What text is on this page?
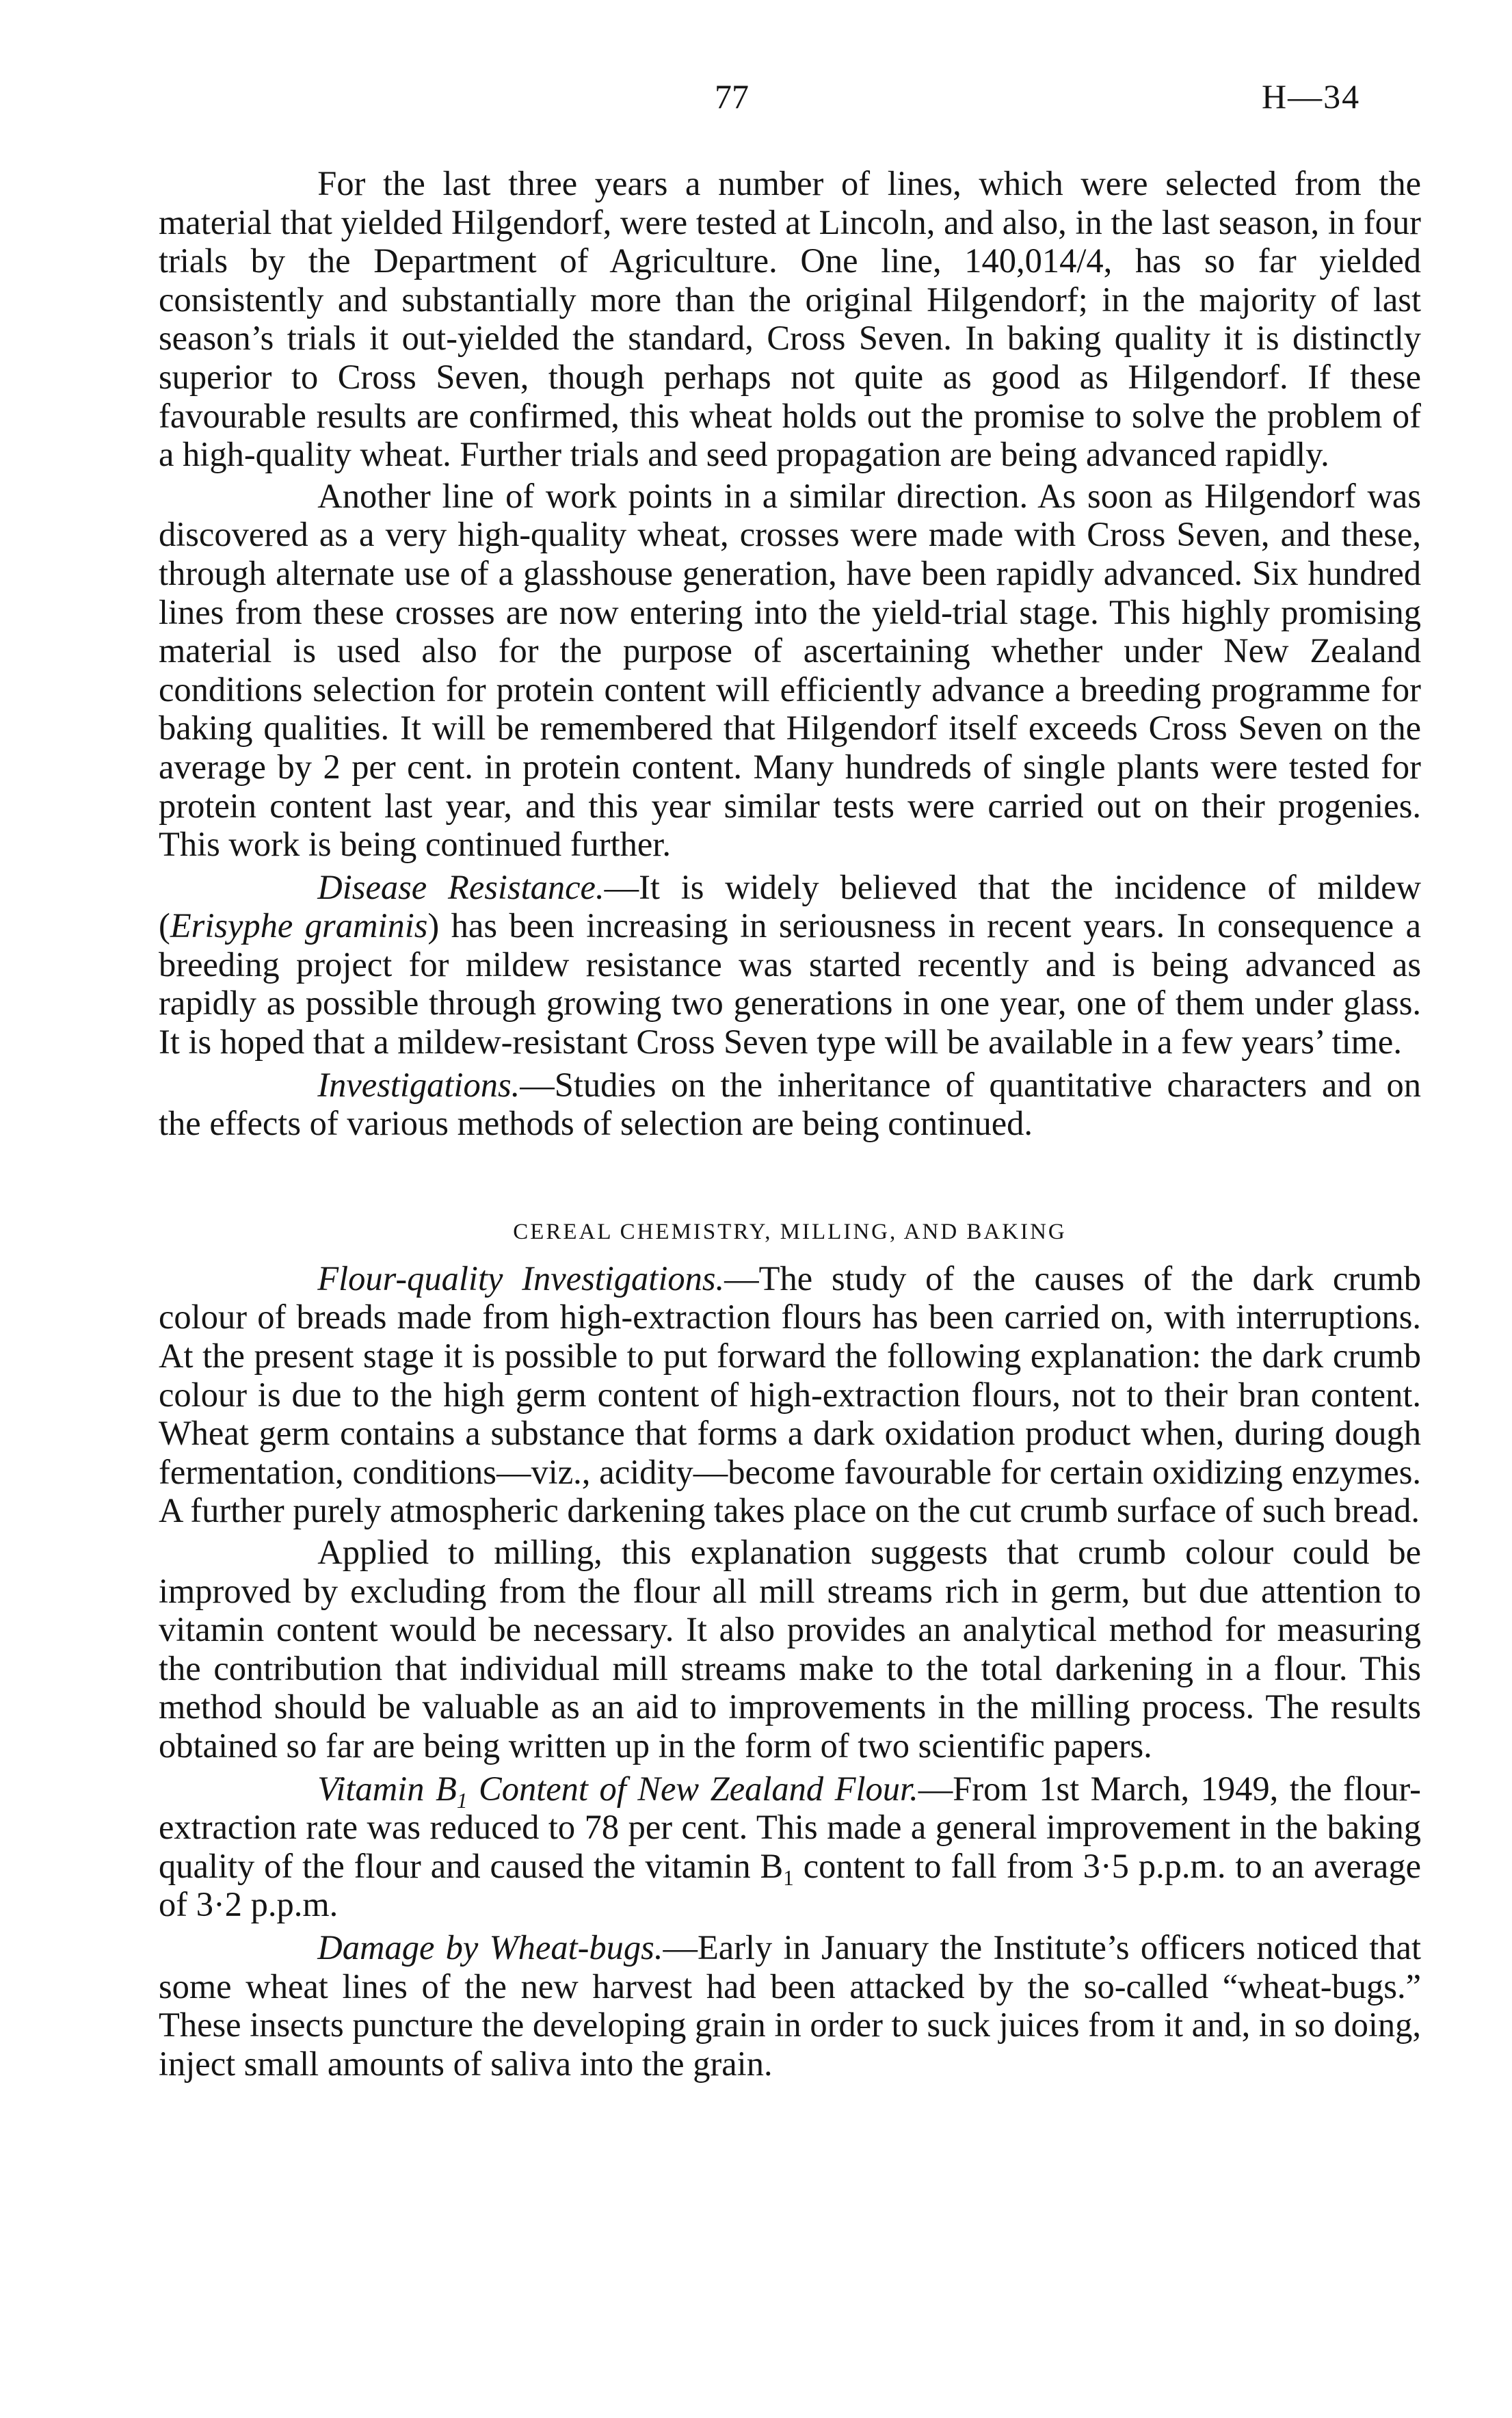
77	H—34

For the last three years a number of lines, which were selected from the material that yielded Hilgendorf, were tested at Lincoln, and also, in the last season, in four trials by the Department of Agriculture. One line, 140,014/4, has so far yielded consistently and substantially more than the original Hilgendorf; in the majority of last season’s trials it out-yielded the standard, Cross Seven. In baking quality it is distinctly superior to Cross Seven, though perhaps not quite as good as Hilgendorf. If these favourable results are confirmed, this wheat holds out the promise to solve the problem of a high-quality wheat. Further trials and seed propagation are being advanced rapidly.

Another line of work points in a similar direction. As soon as Hilgendorf was discovered as a very high-quality wheat, crosses were made with Cross Seven, and these, through alternate use of a glasshouse generation, have been rapidly advanced. Six hundred lines from these crosses are now entering into the yield-trial stage. This highly promising material is used also for the purpose of ascertaining whether under New Zealand conditions selection for protein content will efficiently advance a breeding programme for baking qualities. It will be remembered that Hilgendorf itself exceeds Cross Seven on the average by 2 per cent. in protein content. Many hundreds of single plants were tested for protein content last year, and this year similar tests were carried out on their progenies. This work is being continued further.

Disease Resistance.—It is widely believed that the incidence of mildew (Erisyphe graminis) has been increasing in seriousness in recent years. In consequence a breeding project for mildew resistance was started recently and is being advanced as rapidly as possible through growing two generations in one year, one of them under glass. It is hoped that a mildew-resistant Cross Seven type will be available in a few years’ time.

Investigations.—Studies on the inheritance of quantitative characters and on the effects of various methods of selection are being continued.

CEREAL CHEMISTRY, MILLING, AND BAKING

Flour-quality Investigations.—The study of the causes of the dark crumb colour of breads made from high-extraction flours has been carried on, with interruptions. At the present stage it is possible to put forward the following explanation: the dark crumb colour is due to the high germ content of high-extraction flours, not to their bran content. Wheat germ contains a substance that forms a dark oxidation product when, during dough fermentation, conditions—viz., acidity—become favourable for certain oxidizing enzymes. A further purely atmospheric darkening takes place on the cut crumb surface of such bread.

Applied to milling, this explanation suggests that crumb colour could be improved by excluding from the flour all mill streams rich in germ, but due attention to vitamin content would be necessary. It also provides an analytical method for measuring the contribution that individual mill streams make to the total darkening in a flour. This method should be valuable as an aid to improvements in the milling process. The results obtained so far are being written up in the form of two scientific papers.

Vitamin $B_1$ Content of New Zealand Flour.—From 1st March, 1949, the flour-extraction rate was reduced to 78 per cent. This made a general improvement in the baking quality of the flour and caused the vitamin $B_1$ content to fall from 3·5 p.p.m. to an average of 3·2 p.p.m.

Damage by Wheat-bugs.—Early in January the Institute’s officers noticed that some wheat lines of the new harvest had been attacked by the so-called “wheat-bugs.” These insects puncture the developing grain in order to suck juices from it and, in so doing, inject small amounts of saliva into the grain.
